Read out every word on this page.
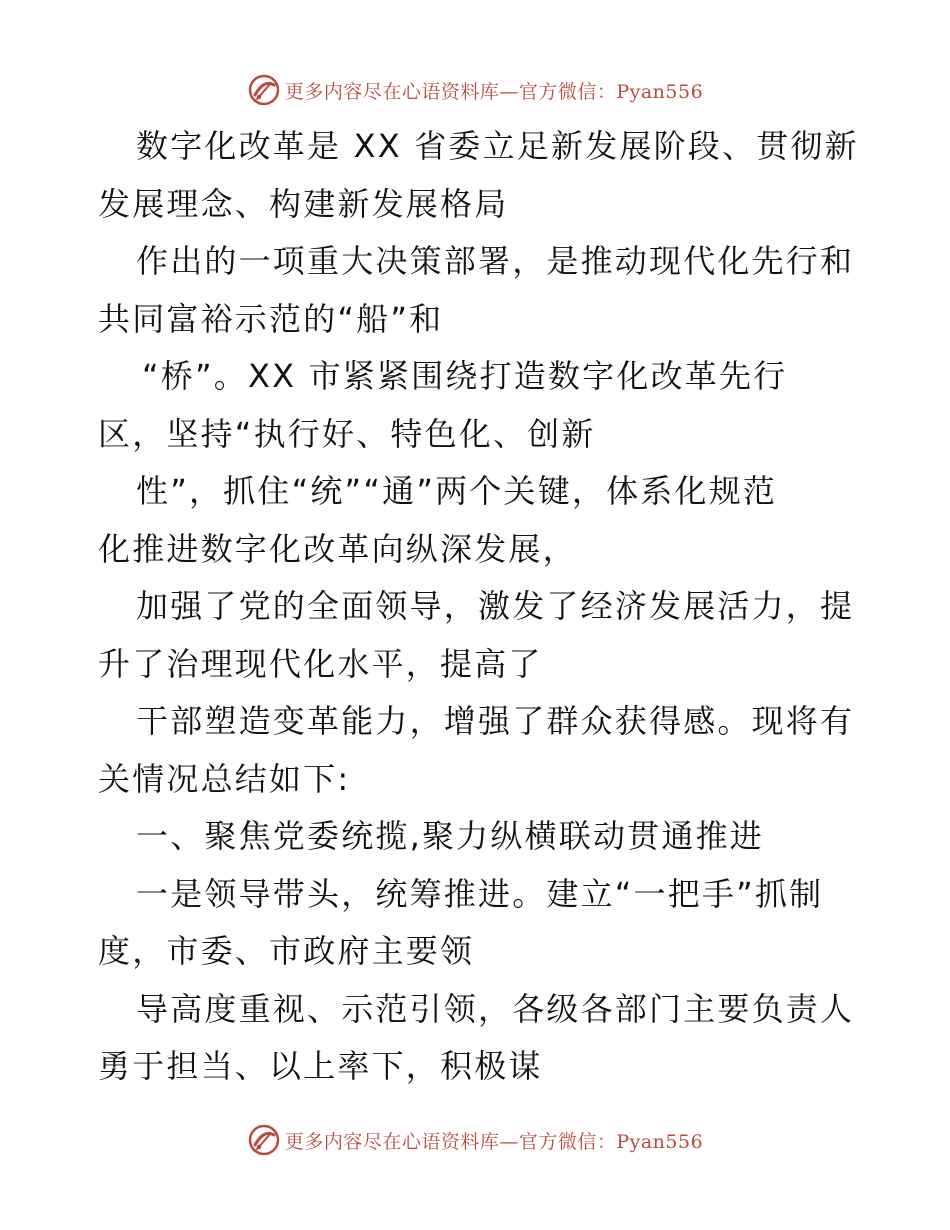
更多内容尽在心语资料库—官方微信：Pyan556
数字化改革是 XX 省委立足新发展阶段、贯彻新
发展理念、构建新发展格局
作出的一项重大决策部署，是推动现代化先行和
共同富裕示范的“船”和
“桥”。XX 市紧紧围绕打造数字化改革先行
区，坚持“执行好、特色化、创新
性”，抓住“统”“通”两个关键，体系化规范
化推进数字化改革向纵深发展，
加强了党的全面领导，激发了经济发展活力，提
升了治理现代化水平，提高了
干部塑造变革能力，增强了群众获得感。现将有
关情况总结如下:
一、聚焦党委统揽,聚力纵横联动贯通推进
一是领导带头，统筹推进。建立“一把手”抓制
度，市委、市政府主要领
导高度重视、示范引领，各级各部门主要负责人
勇于担当、以上率下，积极谋
更多内容尽在心语资料库—官方微信：Pyan556
